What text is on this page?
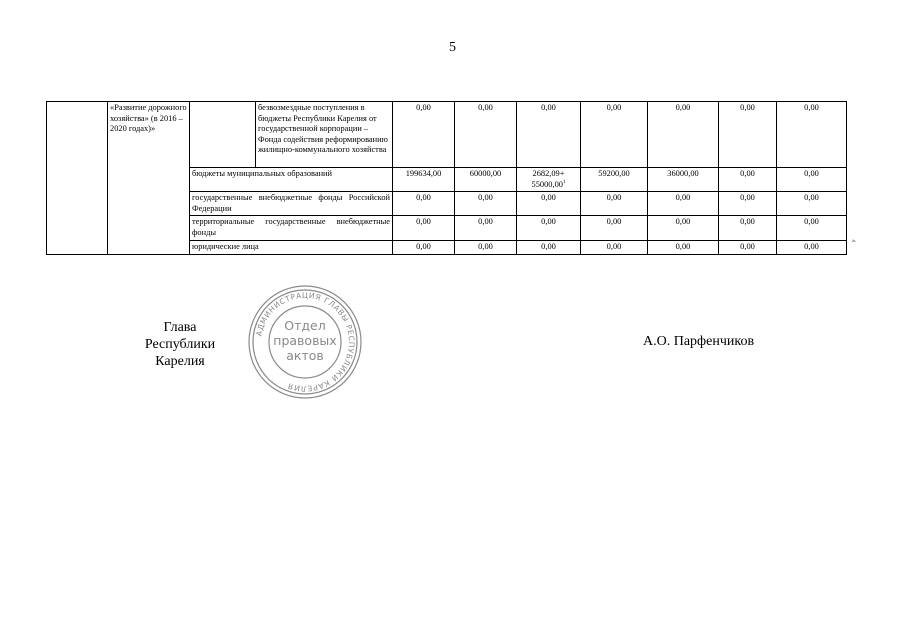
5
	«Развитие дорожного хозяйства» (в 2016 – 2020 годах)»		безвозмездные поступления в бюджеты Республики Карелия от государственной корпорации – Фонда содействия реформированию жилищно-коммунального хозяйства	0,00	0,00	0,00	0,00	0,00	0,00	0,00
		бюджеты муниципальных образований		199634,00	60000,00	$2682,09+ 55000,00^1$	59200,00	36000,00	0,00	0,00
		государственные внебюджетные фонды Российской Федерации		0,00	0,00	0,00	0,00	0,00	0,00	0,00
		территориальные государственные внебюджетные фонды		0,00	0,00	0,00	0,00	0,00	0,00	0,00
		юридические лица		0,00	0,00	0,00	0,00	0,00	0,00	0,00
».
Глава
Республики Карелия
АДМИНИСТРАЦИЯ ГЛАВЫ РЕСПУБЛИКИ КАРЕЛИЯ
Отдел
правовых
актов
А.О. Парфенчиков
